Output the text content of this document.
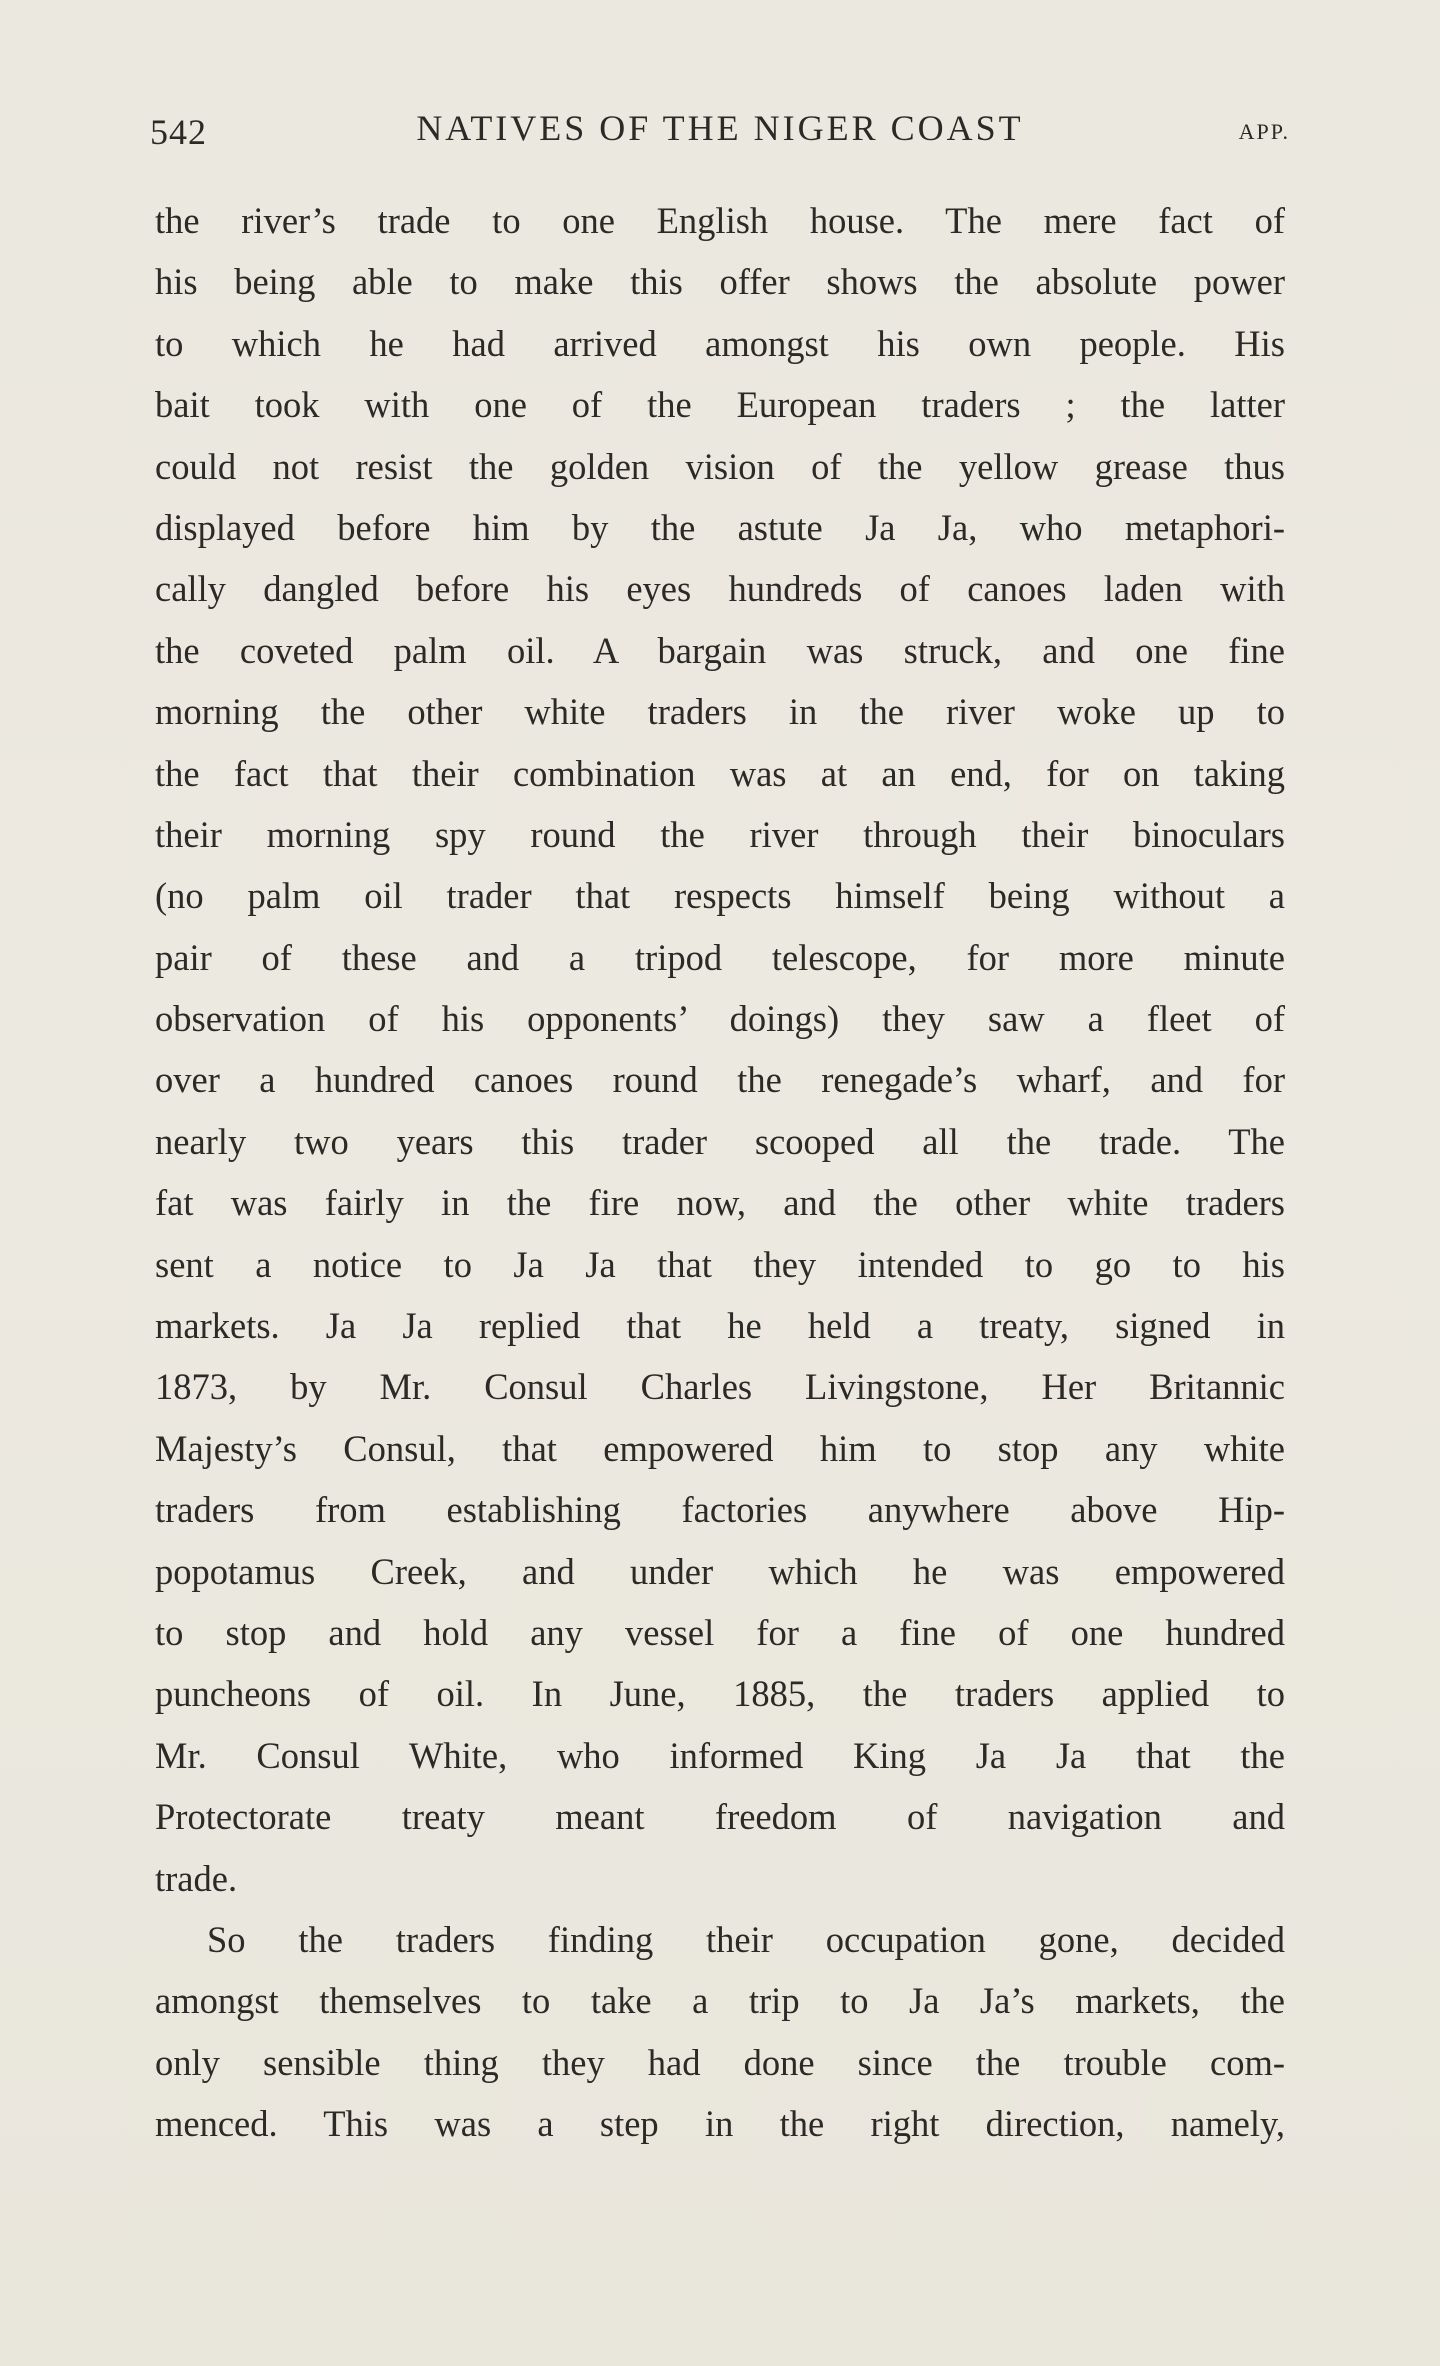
542	NATIVES OF THE NIGER COAST	APP.
the river’s trade to one English house. The mere fact of
his being able to make this offer shows the absolute power
to which he had arrived amongst his own people. His
bait took with one of the European traders ; the latter
could not resist the golden vision of the yellow grease thus
displayed before him by the astute Ja Ja, who metaphori-
cally dangled before his eyes hundreds of canoes laden with
the coveted palm oil. A bargain was struck, and one fine
morning the other white traders in the river woke up to
the fact that their combination was at an end, for on taking
their morning spy round the river through their binoculars
(no palm oil trader that respects himself being without a
pair of these and a tripod telescope, for more minute
observation of his opponents’ doings) they saw a fleet of
over a hundred canoes round the renegade’s wharf, and for
nearly two years this trader scooped all the trade. The
fat was fairly in the fire now, and the other white traders
sent a notice to Ja Ja that they intended to go to his
markets. Ja Ja replied that he held a treaty, signed in
1873, by Mr. Consul Charles Livingstone, Her Britannic
Majesty’s Consul, that empowered him to stop any white
traders from establishing factories anywhere above Hip-
popotamus Creek, and under which he was empowered
to stop and hold any vessel for a fine of one hundred
puncheons of oil. In June, 1885, the traders applied to
Mr. Consul White, who informed King Ja Ja that the
Protectorate treaty meant freedom of navigation and
trade.
So the traders finding their occupation gone, decided
amongst themselves to take a trip to Ja Ja’s markets, the
only sensible thing they had done since the trouble com-
menced. This was a step in the right direction, namely,
